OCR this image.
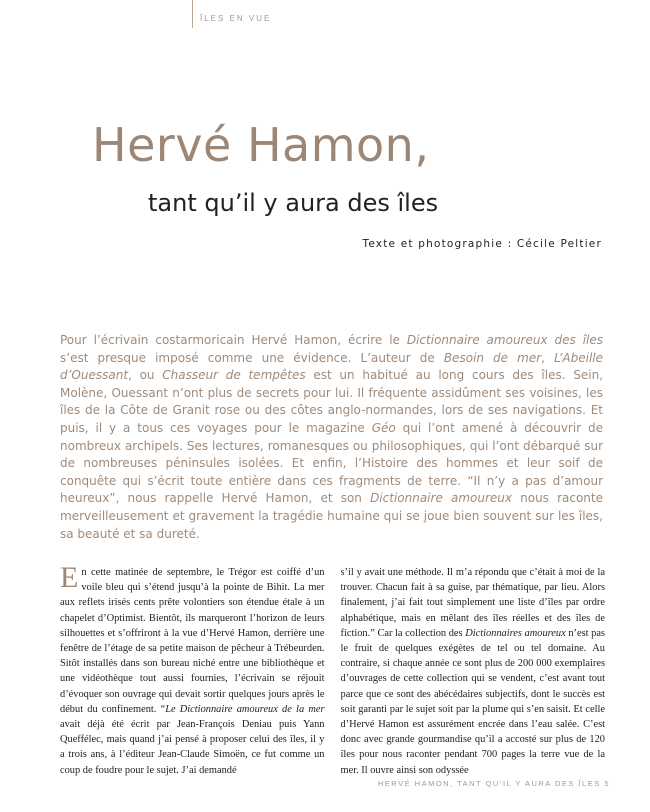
ÎLES EN VUE
Hervé Hamon,
tant qu’il y aura des îles
Texte et photographie : Cécile Peltier

Pour l’écrivain costarmoricain Hervé Hamon, écrire le Dictionnaire amoureux des îles s’est presque imposé comme une évidence. L’auteur de Besoin de mer, L’Abeille d’Ouessant, ou Chasseur de tempêtes est un habitué au long cours des îles. Sein, Molène, Ouessant n’ont plus de secrets pour lui. Il fréquente assidûment ses voisines, les îles de la Côte de Granit rose ou des côtes anglo-normandes, lors de ses navigations. Et puis, il y a tous ces voyages pour le magazine Géo qui l’ont amené à découvrir de nombreux archipels. Ses lectures, romanesques ou philosophiques, qui l’ont débarqué sur de nombreuses péninsules isolées. Et enfin, l’Histoire des hommes et leur soif de conquête qui s’écrit toute entière dans ces fragments de terre. “Il n’y a pas d’amour heureux”, nous rappelle Hervé Hamon, et son Dictionnaire amoureux nous raconte merveilleusement et gravement la tragédie humaine qui se joue bien souvent sur les îles, sa beauté et sa dureté.

En cette matinée de septembre, le Trégor est coiffé d’un voile bleu qui s’étend jusqu’à la pointe de Bihit. La mer aux reflets irisés cents prête volontiers son étendue étale à un chapelet d’Optimist. Bientôt, ils marqueront l’horizon de leurs silhouettes et s’offriront à la vue d’Hervé Hamon, derrière une fenêtre de l’étage de sa petite maison de pêcheur à Trébeurden. Sitôt installés dans son bureau niché entre une bibliothèque et une vidéothèque tout aussi fournies, l’écrivain se réjouit d’évoquer son ouvrage qui devait sortir quelques jours après le début du confinement. “Le Dictionnaire amoureux de la mer avait déjà été écrit par Jean-François Deniau puis Yann Queffélec, mais quand j’ai pensé à proposer celui des îles, il y a trois ans, à l’éditeur Jean-Claude Simoën, ce fut comme un coup de foudre pour le sujet. J’ai demandé

s’il y avait une méthode. Il m’a répondu que c’était à moi de la trouver. Chacun fait à sa guise, par thématique, par lieu. Alors finalement, j’ai fait tout simplement une liste d’îles par ordre alphabétique, mais en mêlant des îles réelles et des îles de fiction.” Car la collection des Dictionnaires amoureux n’est pas le fruit de quelques exégètes de tel ou tel domaine. Au contraire, si chaque année ce sont plus de 200 000 exemplaires d’ouvrages de cette collection qui se vendent, c’est avant tout parce que ce sont des abécédaires subjectifs, dont le succès est soit garanti par le sujet soit par la plume qui s’en saisit. Et celle d’Hervé Hamon est assurément encrée dans l’eau salée. C’est donc avec grande gourmandise qu’il a accosté sur plus de 120 îles pour nous raconter pendant 700 pages la terre vue de la mer. Il ouvre ainsi son odyssée

HERVÉ HAMON, TANT QU’IL Y AURA DES ÎLES 5
